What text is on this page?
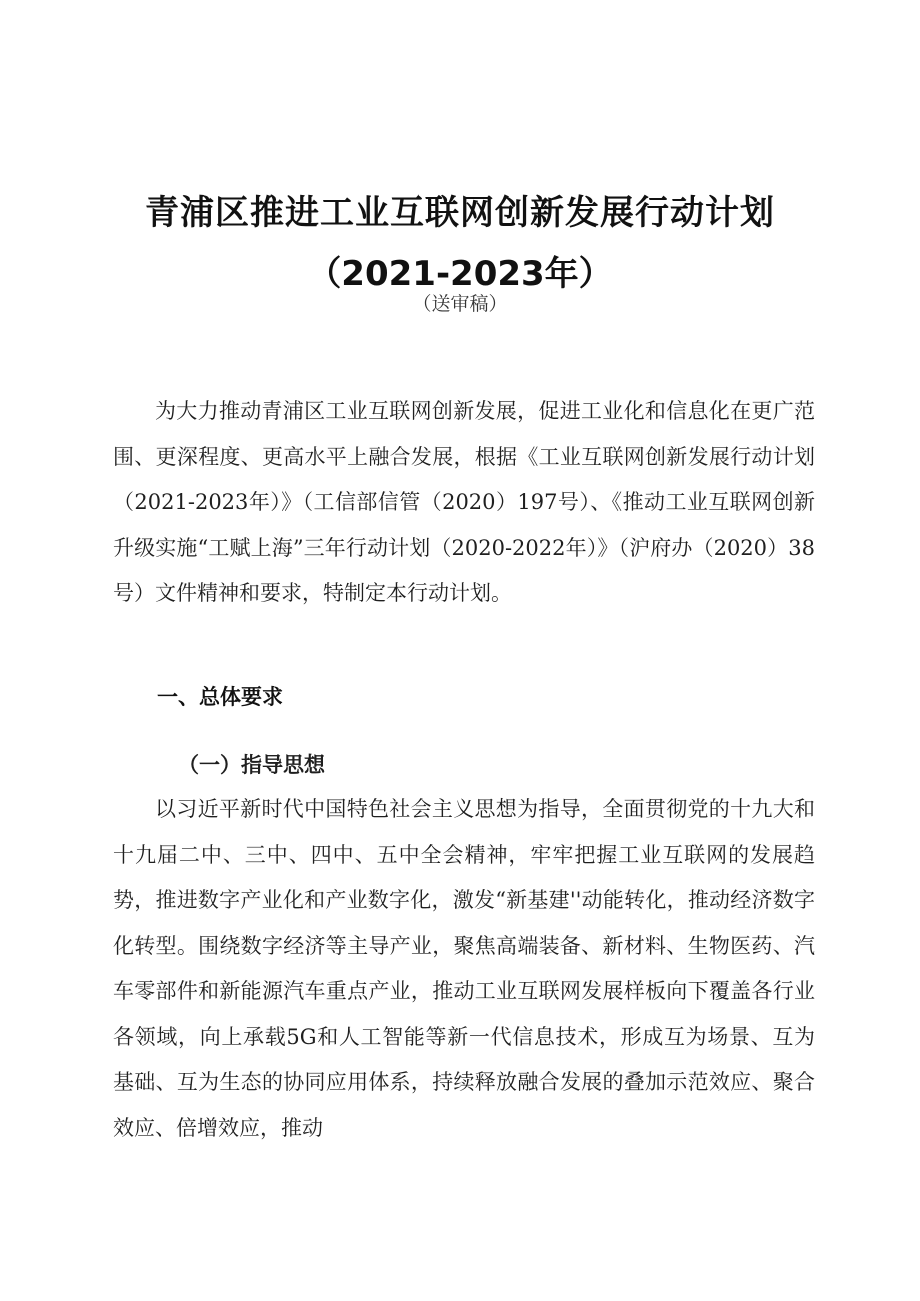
青浦区推进工业互联网创新发展行动计划
（2021-2023年）
（送审稿）

为大力推动青浦区工业互联网创新发展，促进工业化和信息化在更广范围、更深程度、更高水平上融合发展，根据《工业互联网创新发展行动计划（2021-2023年）》（工信部信管（2020）197号）、《推动工业互联网创新升级实施“工赋上海”三年行动计划（2020-2022年）》（沪府办（2020）38号）文件精神和要求，特制定本行动计划。

一、总体要求
（一）指导思想

以习近平新时代中国特色社会主义思想为指导，全面贯彻党的十九大和十九届二中、三中、四中、五中全会精神，牢牢把握工业互联网的发展趋势，推进数字产业化和产业数字化，激发“新基建''动能转化，推动经济数字化转型。围绕数字经济等主导产业，聚焦高端装备、新材料、生物医药、汽车零部件和新能源汽车重点产业，推动工业互联网发展样板向下覆盖各行业各领域，向上承载5G和人工智能等新一代信息技术，形成互为场景、互为基础、互为生态的协同应用体系，持续释放融合发展的叠加示范效应、聚合效应、倍增效应，推动
